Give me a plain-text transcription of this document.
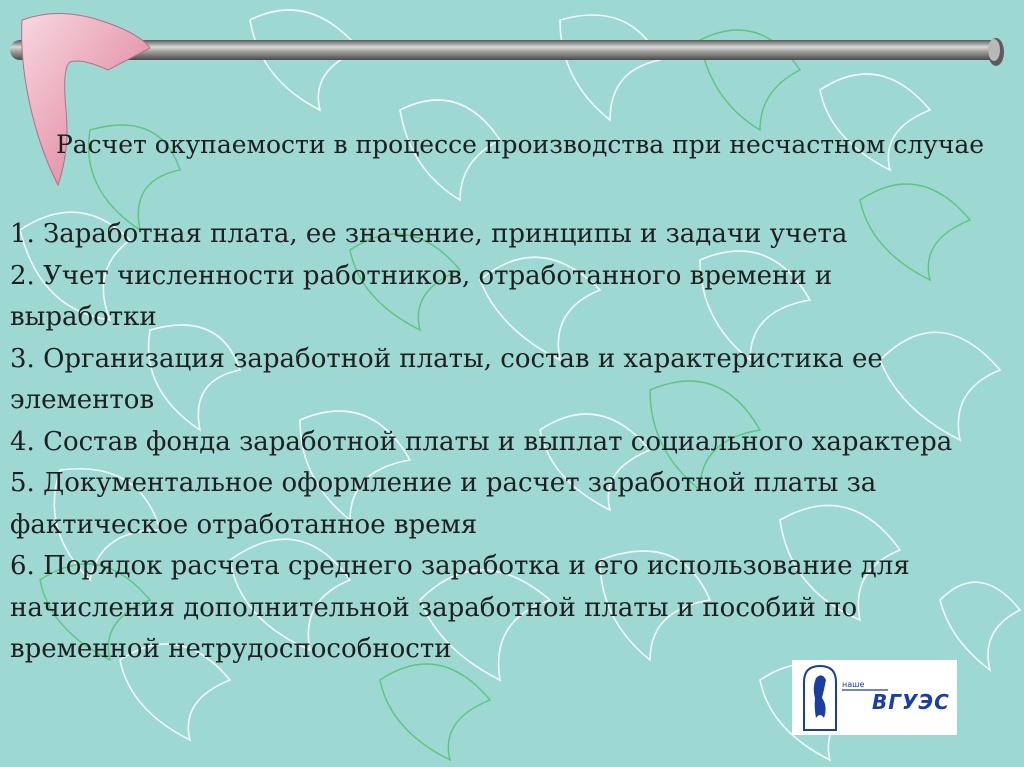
Расчет окупаемости в процессе производства при несчастном случае
1. Заработная плата, ее значение, принципы и задачи учета
2. Учет численности работников, отработанного времени и выработки
3. Организация заработной платы, состав и характеристика ее элементов
4. Состав фонда заработной платы и выплат социального характера
5. Документальное оформление и расчет заработной платы за фактическое отработанное время
6. Порядок расчета среднего заработка и его использование для начисления дополнительной заработной платы и пособий по временной нетрудоспособности
наше
ВГУЭС
